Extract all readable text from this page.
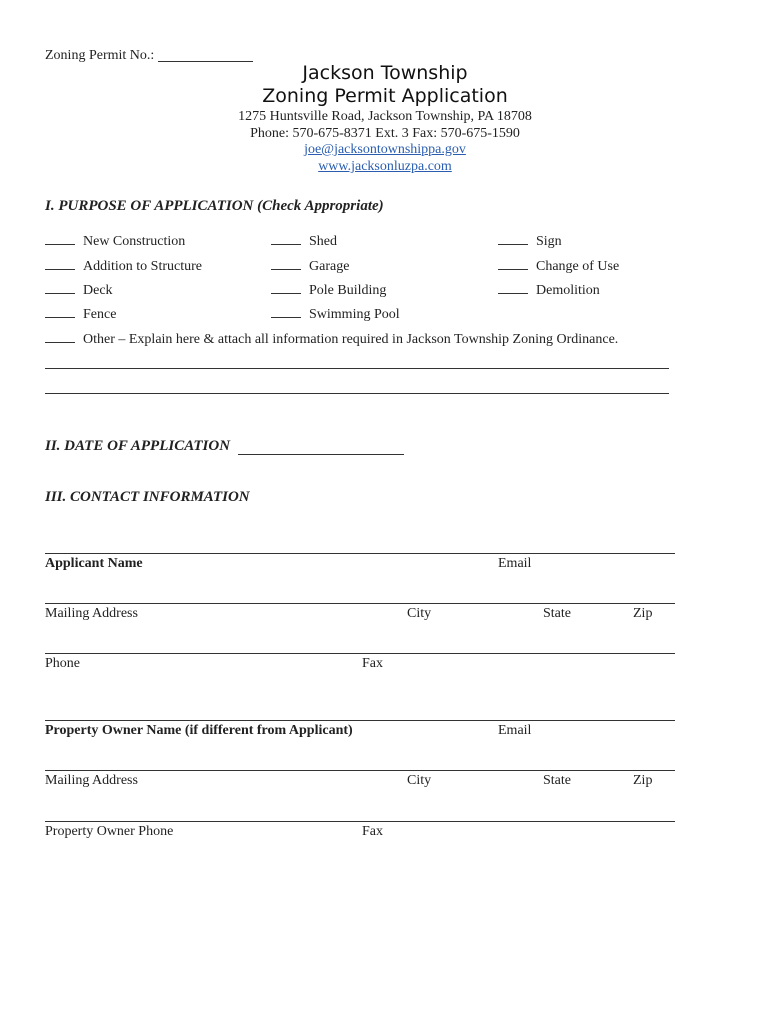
Zoning Permit No.:
Jackson Township
Zoning Permit Application
1275 Huntsville Road, Jackson Township, PA 18708
Phone: 570-675-8371 Ext. 3 Fax: 570-675-1590
joe@jacksontownshippa.gov
www.jacksonluzpa.com
I. PURPOSE OF APPLICATION (Check Appropriate)
New Construction	Shed	Sign
Addition to Structure	Garage	Change of Use
Deck	Pole Building	Demolition
Fence	Swimming Pool
Other – Explain here & attach all information required in Jackson Township Zoning Ordinance.
II. DATE OF APPLICATION
III. CONTACT INFORMATION
Applicant Name	Email
Mailing Address	City	State	Zip
Phone	Fax
Property Owner Name (if different from Applicant)	Email
Mailing Address	City	State	Zip
Property Owner Phone	Fax
